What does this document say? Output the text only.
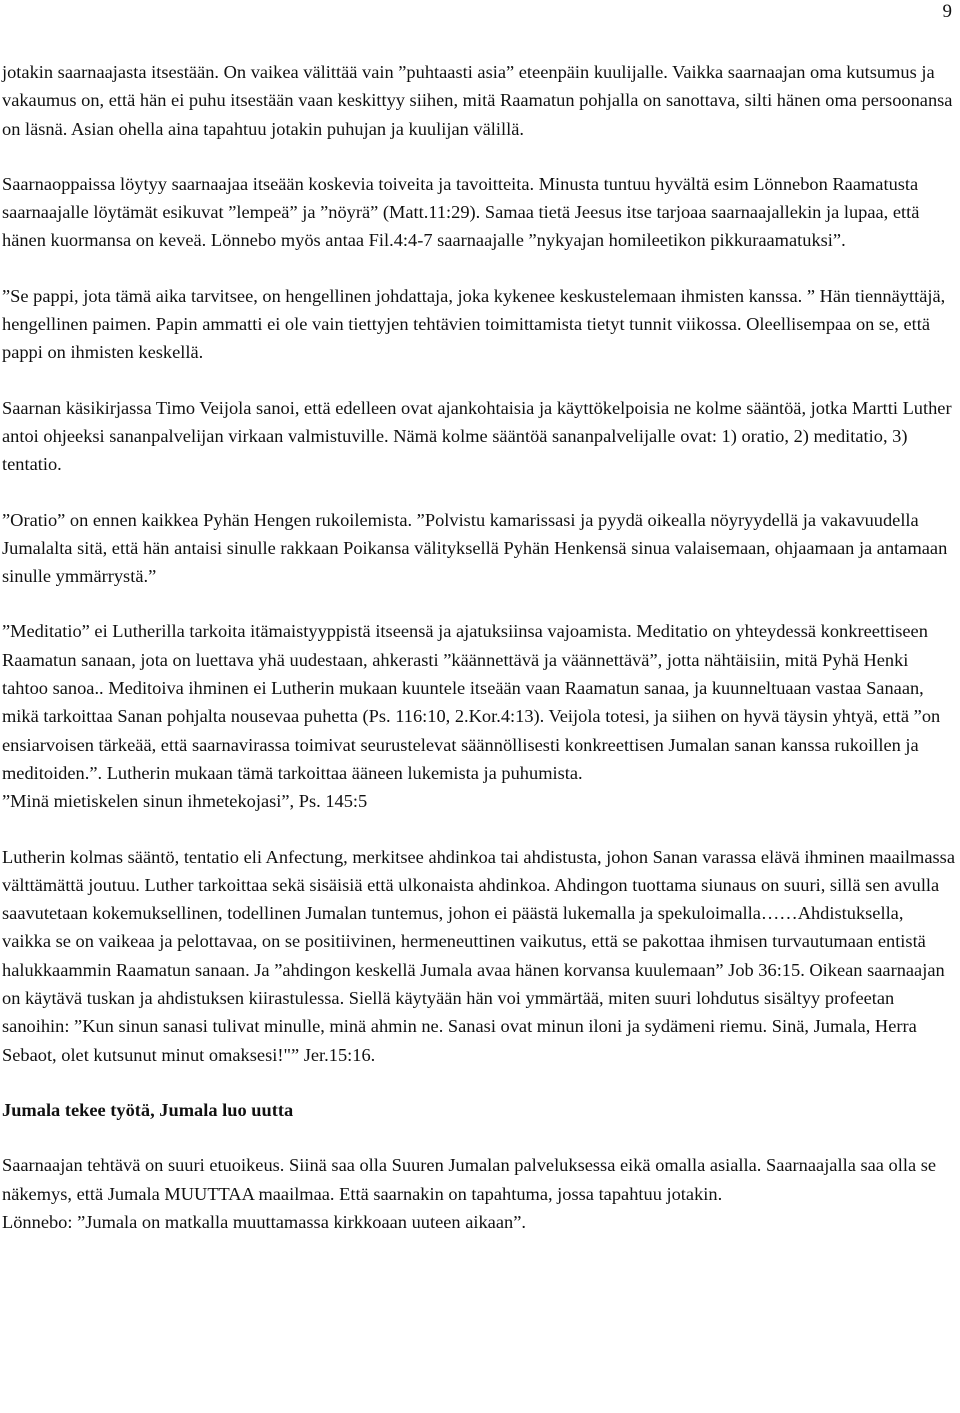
9

jotakin saarnaajasta itsestään. On vaikea välittää vain ”puhtaasti asia” eteenpäin kuulijalle. Vaikka saarnaajan oma kutsumus ja vakaumus on, että hän ei puhu itsestään vaan keskittyy siihen, mitä Raamatun pohjalla on sanottava, silti hänen oma persoonansa on läsnä. Asian ohella aina tapahtuu jotakin puhujan ja kuulijan välillä.

Saarnaoppaissa löytyy saarnaajaa itseään koskevia toiveita ja tavoitteita. Minusta tuntuu hyvältä esim Lönnebon Raamatusta saarnaajalle löytämät esikuvat ”lempeä” ja ”nöyrä” (Matt.11:29). Samaa tietä Jeesus itse tarjoaa saarnaajallekin ja lupaa, että hänen kuormansa on keveä. Lönnebo myös antaa Fil.4:4-7 saarnaajalle ”nykyajan homileetikon pikkuraamatuksi”.

”Se pappi, jota tämä aika tarvitsee, on hengellinen johdattaja, joka kykenee keskustelemaan ihmisten kanssa. ” Hän tiennäyttäjä, hengellinen paimen. Papin ammatti ei ole vain tiettyjen tehtävien toimittamista tietyt tunnit viikossa. Oleellisempaa on se, että pappi on ihmisten keskellä.

Saarnan käsikirjassa Timo Veijola sanoi, että edelleen ovat ajankohtaisia ja käyttökelpoisia ne kolme sääntöä, jotka Martti Luther antoi ohjeeksi sananpalvelijan virkaan valmistuville. Nämä kolme sääntöä sananpalvelijalle ovat: 1) oratio, 2) meditatio, 3) tentatio.

”Oratio” on ennen kaikkea Pyhän Hengen rukoilemista. ”Polvistu kamarissasi ja pyydä oikealla nöyryydellä ja vakavuudella Jumalalta sitä, että hän antaisi sinulle rakkaan Poikansa välityksellä Pyhän Henkensä sinua valaisemaan, ohjaamaan ja antamaan sinulle ymmärrystä.”

”Meditatio” ei Lutherilla tarkoita itämaistyyppistä itseensä ja ajatuksiinsa vajoamista. Meditatio on yhteydessä konkreettiseen Raamatun sanaan, jota on luettava yhä uudestaan, ahkerasti ”käännettävä ja väännettävä”, jotta nähtäisiin, mitä Pyhä Henki tahtoo sanoa.. Meditoiva ihminen ei Lutherin mukaan kuuntele itseään vaan Raamatun sanaa, ja kuunneltuaan vastaa Sanaan, mikä tarkoittaa Sanan pohjalta nousevaa puhetta (Ps. 116:10, 2.Kor.4:13). Veijola totesi, ja siihen on hyvä täysin yhtyä, että ”on ensiarvoisen tärkeää, että saarnavirassa toimivat seurustelevat säännöllisesti konkreettisen Jumalan sanan kanssa rukoillen ja meditoiden.”. Lutherin mukaan tämä tarkoittaa ääneen lukemista ja puhumista.

”Minä mietiskelen sinun ihmetekojasi”, Ps. 145:5

Lutherin kolmas sääntö, tentatio eli Anfectung, merkitsee ahdinkoa tai ahdistusta, johon Sanan varassa elävä ihminen maailmassa välttämättä joutuu. Luther tarkoittaa sekä sisäisiä että ulkonaista ahdinkoa. Ahdingon tuottama siunaus on suuri, sillä sen avulla saavutetaan kokemuksellinen, todellinen Jumalan tuntemus, johon ei päästä lukemalla ja spekuloimalla……Ahdistuksella, vaikka se on vaikeaa ja pelottavaa, on se positiivinen, hermeneuttinen vaikutus, että se pakottaa ihmisen turvautumaan entistä halukkaammin Raamatun sanaan. Ja ”ahdingon keskellä Jumala avaa hänen korvansa kuulemaan” Job 36:15. Oikean saarnaajan on käytävä tuskan ja ahdistuksen kiirastulessa. Siellä käytyään hän voi ymmärtää, miten suuri lohdutus sisältyy profeetan sanoihin: ”Kun sinun sanasi tulivat minulle, minä ahmin ne. Sanasi ovat minun iloni ja sydämeni riemu. Sinä, Jumala, Herra Sebaot, olet kutsunut minut omaksesi!"” Jer.15:16.

Jumala tekee työtä, Jumala luo uutta

Saarnaajan tehtävä on suuri etuoikeus. Siinä saa olla Suuren Jumalan palveluksessa eikä omalla asialla. Saarnaajalla saa olla se näkemys, että Jumala MUUTTAA maailmaa. Että saarnakin on tapahtuma, jossa tapahtuu jotakin.

Lönnebo: ”Jumala on matkalla muuttamassa kirkkoaan uuteen aikaan”.
